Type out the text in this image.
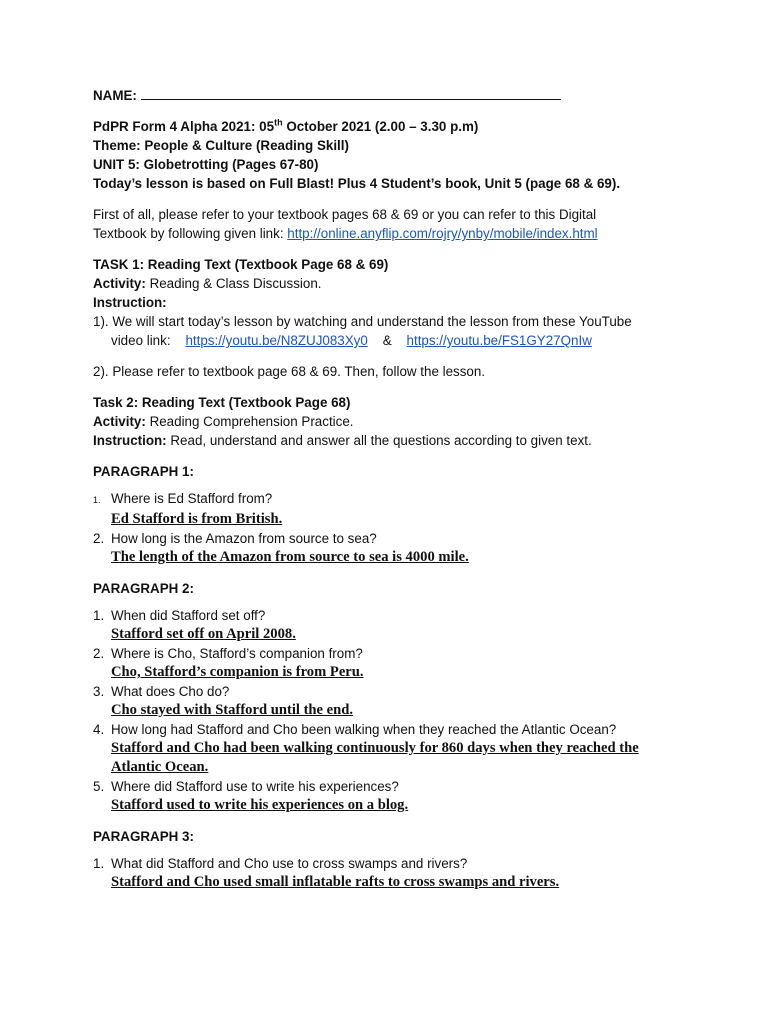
NAME:
PdPR Form 4 Alpha 2021: 05th October 2021 (2.00 – 3.30 p.m)
Theme: People & Culture (Reading Skill)
UNIT 5: Globetrotting (Pages 67-80)
Today’s lesson is based on Full Blast! Plus 4 Student’s book, Unit 5 (page 68 & 69).
First of all, please refer to your textbook pages 68 & 69 or you can refer to this Digital
Textbook by following given link: http://online.anyflip.com/rojry/ynby/mobile/index.html
TASK 1: Reading Text (Textbook Page 68 & 69)
Activity: Reading & Class Discussion.
Instruction:
1). We will start today’s lesson by watching and understand the lesson from these YouTube
video link: https://youtu.be/N8ZUJ083Xy0 & https://youtu.be/FS1GY27QnIw
2). Please refer to textbook page 68 & 69. Then, follow the lesson.
Task 2: Reading Text (Textbook Page 68)
Activity: Reading Comprehension Practice.
Instruction: Read, understand and answer all the questions according to given text.
PARAGRAPH 1:
1. Where is Ed Stafford from?
Ed Stafford is from British.
2. How long is the Amazon from source to sea?
The length of the Amazon from source to sea is 4000 mile.
PARAGRAPH 2:
1. When did Stafford set off?
Stafford set off on April 2008.
2. Where is Cho, Stafford’s companion from?
Cho, Stafford’s companion is from Peru.
3. What does Cho do?
Cho stayed with Stafford until the end.
4. How long had Stafford and Cho been walking when they reached the Atlantic Ocean?
Stafford and Cho had been walking continuously for 860 days when they reached the Atlantic Ocean.
5. Where did Stafford use to write his experiences?
Stafford used to write his experiences on a blog.
PARAGRAPH 3:
1. What did Stafford and Cho use to cross swamps and rivers?
Stafford and Cho used small inflatable rafts to cross swamps and rivers.
